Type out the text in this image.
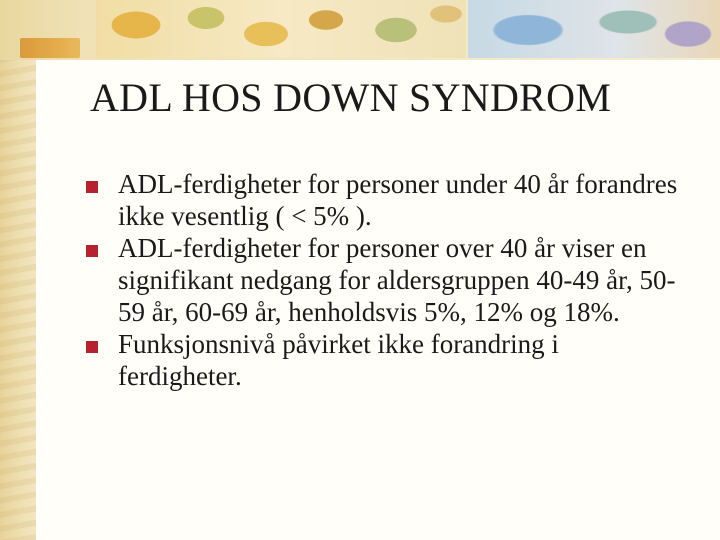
ADL HOS DOWN SYNDROM
ADL-ferdigheter for personer under 40 år forandres ikke vesentlig ( < 5% ).
ADL-ferdigheter for personer over 40 år viser en signifikant nedgang for aldersgruppen 40-49 år, 50-59 år, 60-69 år, henholdsvis 5%, 12% og 18%.
Funksjonsnivå påvirket ikke forandring i ferdigheter.
